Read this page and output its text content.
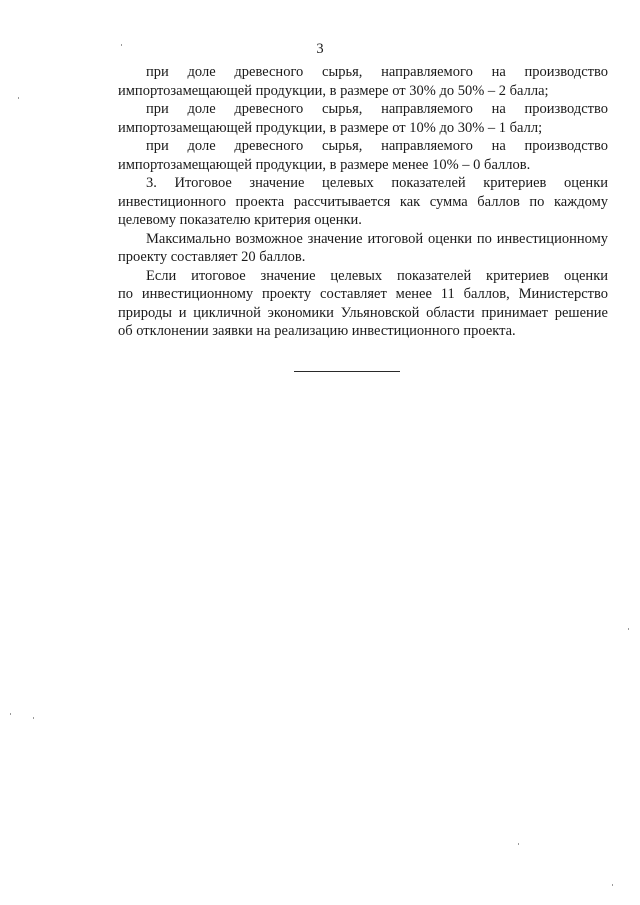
3
при доле древесного сырья, направляемого на производство
импортозамещающей продукции, в размере от 30% до 50% – 2 балла;
при доле древесного сырья, направляемого на производство
импортозамещающей продукции, в размере от 10% до 30% – 1 балл;
при доле древесного сырья, направляемого на производство
импортозамещающей продукции, в размере менее 10% – 0 баллов.
3. Итоговое значение целевых показателей критериев оценки
инвестиционного проекта рассчитывается как сумма баллов по каждому
целевому показателю критерия оценки.
Максимально возможное значение итоговой оценки по инвестиционному
проекту составляет 20 баллов.
Если итоговое значение целевых показателей критериев оценки
по инвестиционному проекту составляет менее 11 баллов, Министерство
природы и цикличной экономики Ульяновской области принимает решение
об отклонении заявки на реализацию инвестиционного проекта.
